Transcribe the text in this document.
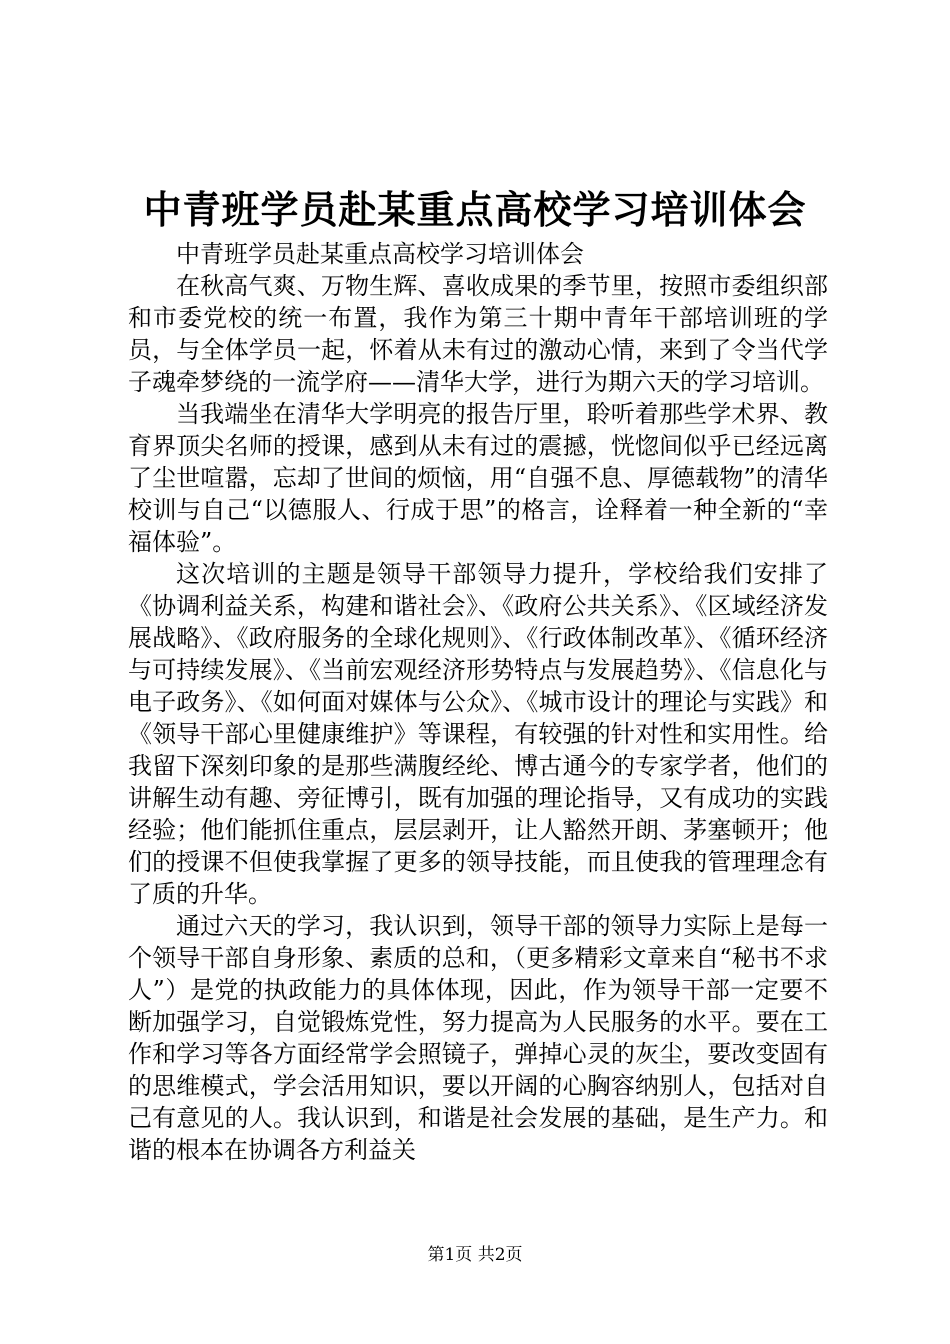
中青班学员赴某重点高校学习培训体会

中青班学员赴某重点高校学习培训体会

在秋高气爽、万物生辉、喜收成果的季节里，按照市委组织部和市委党校的统一布置，我作为第三十期中青年干部培训班的学员，与全体学员一起，怀着从未有过的激动心情，来到了令当代学子魂牵梦绕的一流学府——清华大学，进行为期六天的学习培训。

当我端坐在清华大学明亮的报告厅里，聆听着那些学术界、教育界顶尖名师的授课，感到从未有过的震撼，恍惚间似乎已经远离了尘世喧嚣，忘却了世间的烦恼，用“自强不息、厚德载物”的清华校训与自己“以德服人、行成于思”的格言，诠释着一种全新的“幸福体验”。

这次培训的主题是领导干部领导力提升，学校给我们安排了《协调利益关系，构建和谐社会》、《政府公共关系》、《区域经济发展战略》、《政府服务的全球化规则》、《行政体制改革》、《循环经济与可持续发展》、《当前宏观经济形势特点与发展趋势》、《信息化与电子政务》、《如何面对媒体与公众》、《城市设计的理论与实践》和《领导干部心里健康维护》等课程，有较强的针对性和实用性。给我留下深刻印象的是那些满腹经纶、博古通今的专家学者，他们的讲解生动有趣、旁征博引，既有加强的理论指导，又有成功的实践经验；他们能抓住重点，层层剥开，让人豁然开朗、茅塞顿开；他们的授课不但使我掌握了更多的领导技能，而且使我的管理理念有了质的升华。

通过六天的学习，我认识到，领导干部的领导力实际上是每一个领导干部自身形象、素质的总和，（更多精彩文章来自“秘书不求人”）是党的执政能力的具体体现，因此，作为领导干部一定要不断加强学习，自觉锻炼党性，努力提高为人民服务的水平。要在工作和学习等各方面经常学会照镜子，弹掉心灵的灰尘，要改变固有的思维模式，学会活用知识，要以开阔的心胸容纳别人，包括对自己有意见的人。我认识到，和谐是社会发展的基础，是生产力。和谐的根本在协调各方利益关

第1页 共2页
